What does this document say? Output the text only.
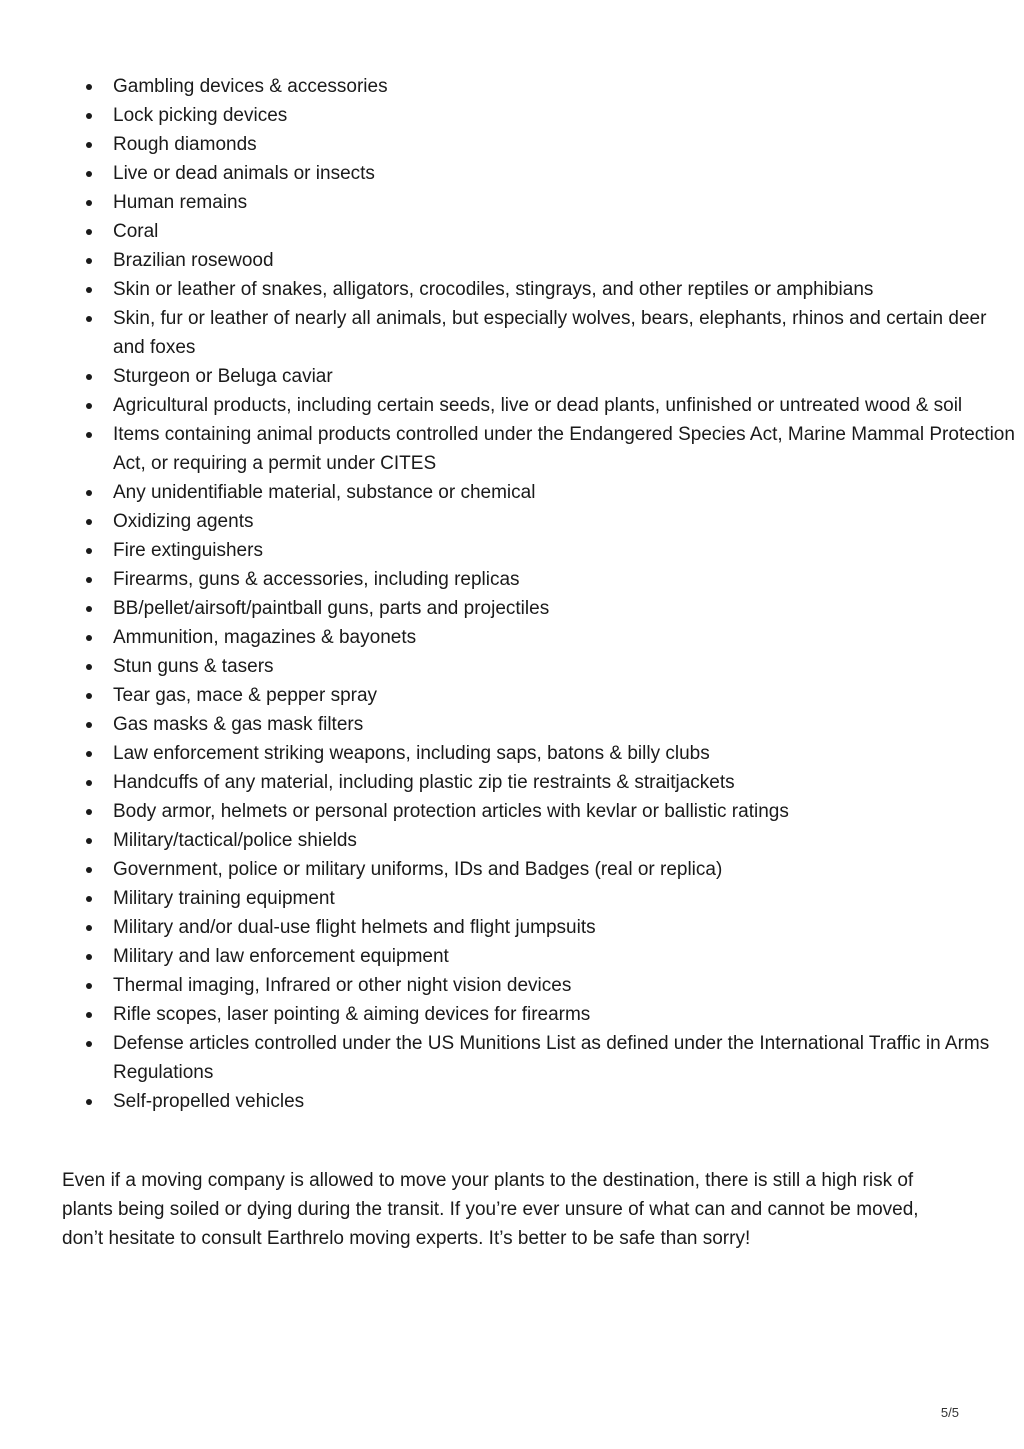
Gambling devices & accessories
Lock picking devices
Rough diamonds
Live or dead animals or insects
Human remains
Coral
Brazilian rosewood
Skin or leather of snakes, alligators, crocodiles, stingrays, and other reptiles or amphibians
Skin, fur or leather of nearly all animals, but especially wolves, bears, elephants, rhinos and certain deer and foxes
Sturgeon or Beluga caviar
Agricultural products, including certain seeds, live or dead plants, unfinished or untreated wood & soil
Items containing animal products controlled under the Endangered Species Act, Marine Mammal Protection Act, or requiring a permit under CITES
Any unidentifiable material, substance or chemical
Oxidizing agents
Fire extinguishers
Firearms, guns & accessories, including replicas
BB/pellet/airsoft/paintball guns, parts and projectiles
Ammunition, magazines & bayonets
Stun guns & tasers
Tear gas, mace & pepper spray
Gas masks & gas mask filters
Law enforcement striking weapons, including saps, batons & billy clubs
Handcuffs of any material, including plastic zip tie restraints & straitjackets
Body armor, helmets or personal protection articles with kevlar or ballistic ratings
Military/tactical/police shields
Government, police or military uniforms, IDs and Badges (real or replica)
Military training equipment
Military and/or dual-use flight helmets and flight jumpsuits
Military and law enforcement equipment
Thermal imaging, Infrared or other night vision devices
Rifle scopes, laser pointing & aiming devices for firearms
Defense articles controlled under the US Munitions List as defined under the International Traffic in Arms Regulations
Self-propelled vehicles

Even if a moving company is allowed to move your plants to the destination, there is still a high risk of plants being soiled or dying during the transit. If you’re ever unsure of what can and cannot be moved, don’t hesitate to consult Earthrelo moving experts. It’s better to be safe than sorry!

5/5
